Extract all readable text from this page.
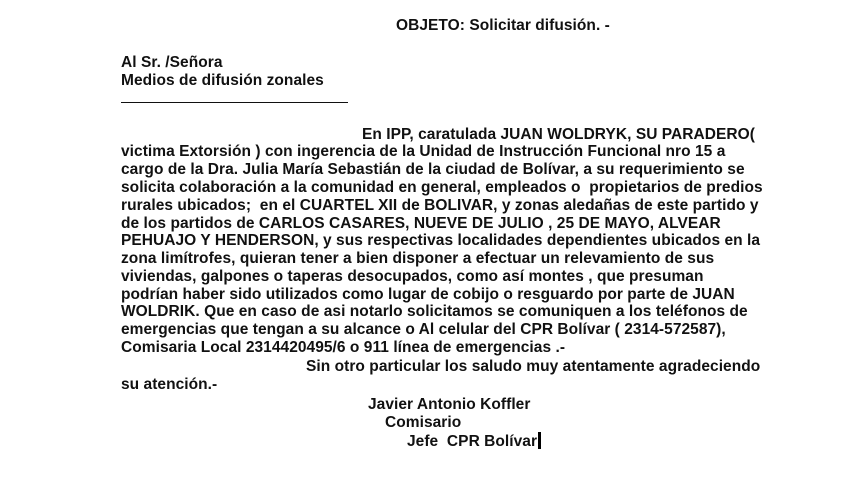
OBJETO: Solicitar difusión. -
Al Sr. /Señora
Medios de difusión zonales
En IPP, caratulada JUAN WOLDRYK, SU PARADERO(
victima Extorsión ) con ingerencia de la Unidad de Instrucción Funcional nro 15 a
cargo de la Dra. Julia María Sebastián de la ciudad de Bolívar, a su requerimiento se
solicita colaboración a la comunidad en general, empleados o  propietarios de predios
rurales ubicados;  en el CUARTEL XII de BOLIVAR, y zonas aledañas de este partido y
de los partidos de CARLOS CASARES, NUEVE DE JULIO , 25 DE MAYO, ALVEAR
PEHUAJO Y HENDERSON, y sus respectivas localidades dependientes ubicados en la
zona limítrofes, quieran tener a bien disponer a efectuar un relevamiento de sus
viviendas, galpones o taperas desocupados, como así montes , que presuman
podrían haber sido utilizados como lugar de cobijo o resguardo por parte de JUAN
WOLDRIK. Que en caso de asi notarlo solicitamos se comuniquen a los teléfonos de
emergencias que tengan a su alcance o Al celular del CPR Bolívar ( 2314-572587),
Comisaria Local 2314420495/6 o 911 línea de emergencias .-
Sin otro particular los saludo muy atentamente agradeciendo
su atención.-
Javier Antonio Koffler
Comisario
Jefe  CPR Bolívar
